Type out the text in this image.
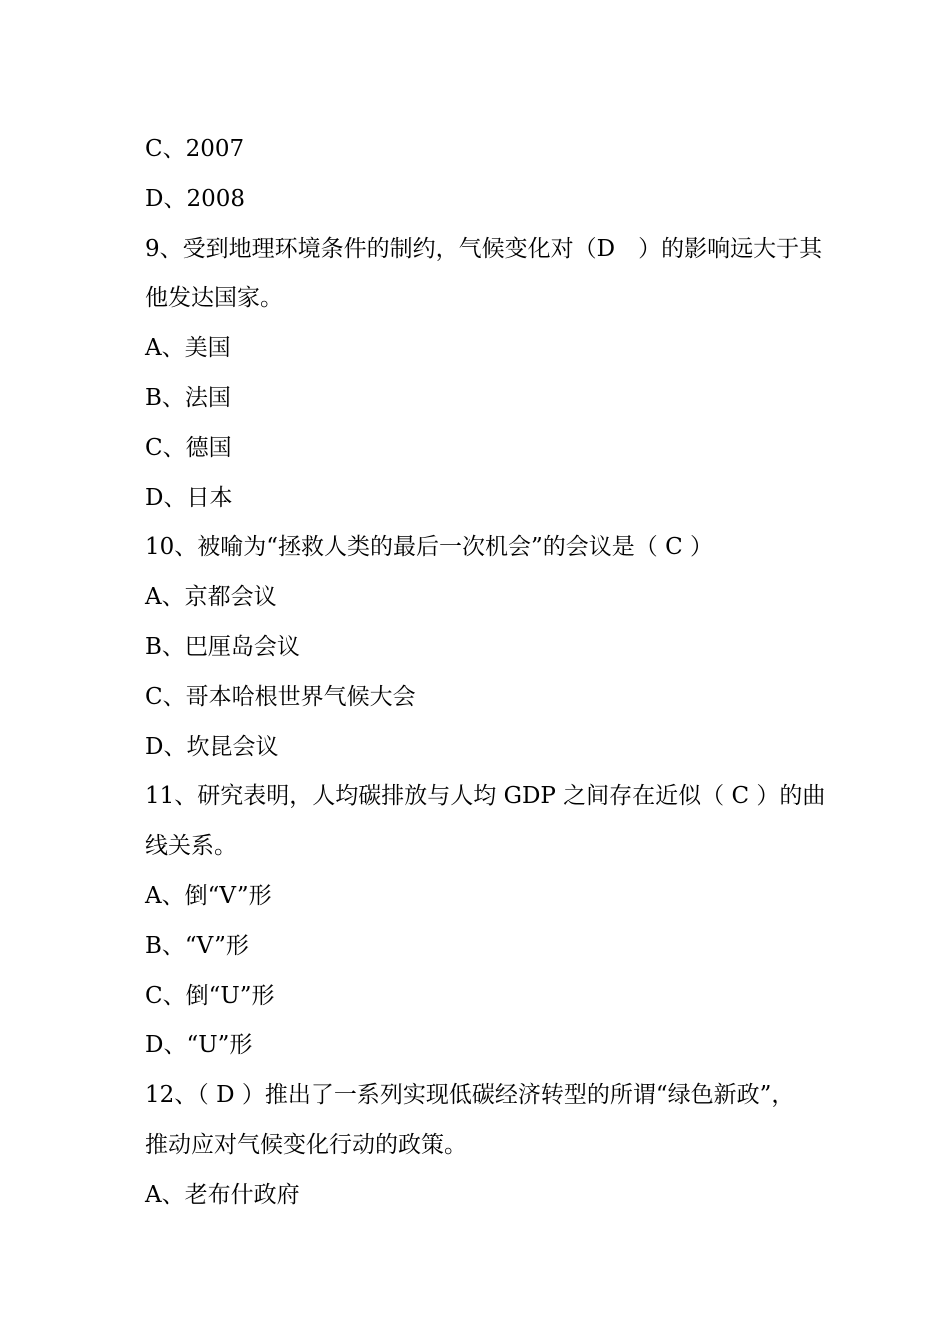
C、2007
D、2008
9、受到地理环境条件的制约，气候变化对（D　）的影响远大于其
他发达国家。
A、美国
B、法国
C、德国
D、日本
10、被喻为“拯救人类的最后一次机会”的会议是（ C ）
A、京都会议
B、巴厘岛会议
C、哥本哈根世界气候大会
D、坎昆会议
11、研究表明，人均碳排放与人均 GDP 之间存在近似（ C ）的曲
线关系。
A、倒“V”形
B、“V”形
C、倒“U”形
D、“U”形
12、（ D ）推出了一系列实现低碳经济转型的所谓“绿色新政”，
推动应对气候变化行动的政策。
A、老布什政府
